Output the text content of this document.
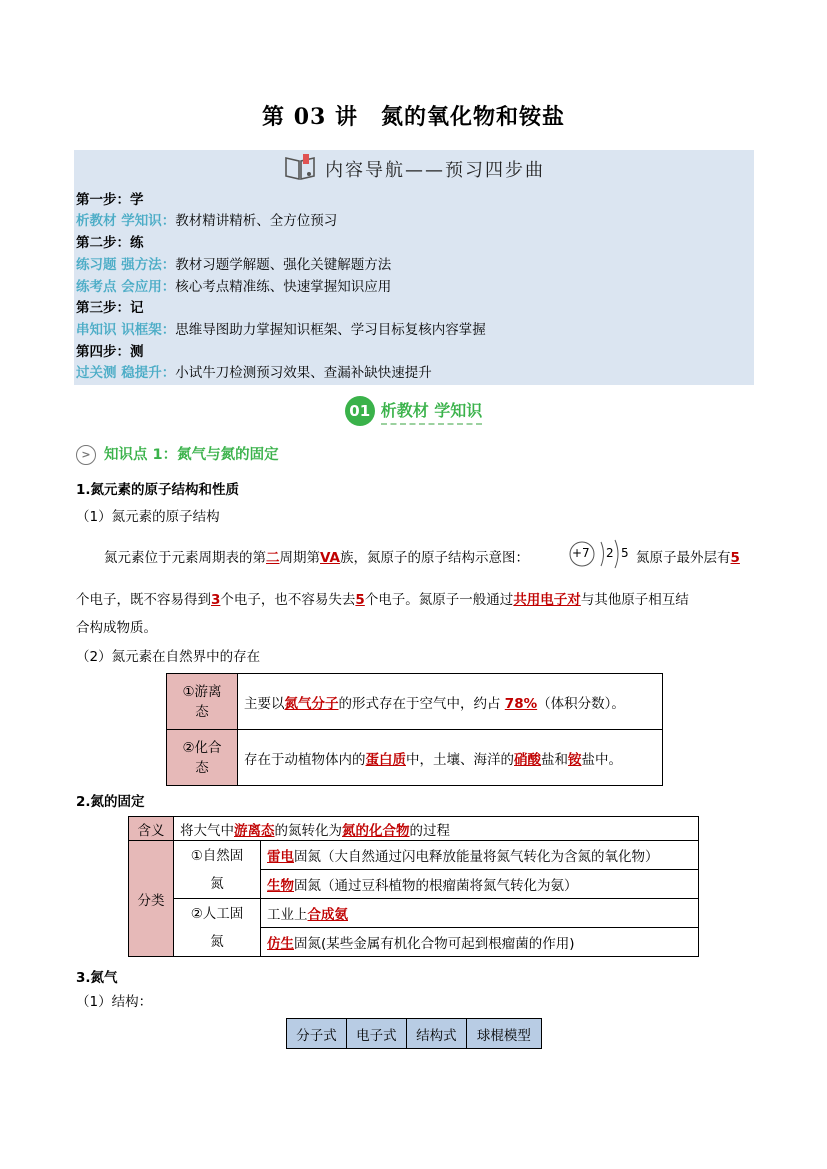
第 03 讲　氮的氧化物和铵盐
内容导航——预习四步曲
第一步：学
析教材 学知识：教材精讲精析、全方位预习
第二步：练
练习题 强方法：教材习题学解题、强化关键解题方法
练考点 会应用：核心考点精准练、快速掌握知识应用
第三步：记
串知识 识框架：思维导图助力掌握知识框架、学习目标复核内容掌握
第四步：测
过关测 稳提升：小试牛刀检测预习效果、查漏补缺快速提升
01 析教材 学知识
> 知识点 1：氮气与氮的固定
1.氮元素的原子结构和性质
（1）氮元素的原子结构
氮元素位于元素周期表的第二周期第VA族，氮原子的原子结构示意图：	+7 2 5 氮原子最外层有5
个电子，既不容易得到3个电子，也不容易失去5个电子。氮原子一般通过共用电子对与其他原子相互结
合构成物质。
（2）氮元素在自然界中的存在
①游离
态	主要以氮气分子的形式存在于空气中，约占 78%（体积分数）。
②化合
态	存在于动植物体内的蛋白质中，土壤、海洋的硝酸盐和铵盐中。
2.氮的固定
含义	将大气中游离态的氮转化为氮的化合物的过程	
分类	①自然固
氮	雷电固氮（大自然通过闪电释放能量将氮气转化为含氮的氧化物）
		生物固氮（通过豆科植物的根瘤菌将氮气转化为氨）
	②人工固
氮	工业上合成氨
		仿生固氮(某些金属有机化合物可起到根瘤菌的作用)
3.氮气
（1）结构：
分子式	电子式	结构式	球棍模型
